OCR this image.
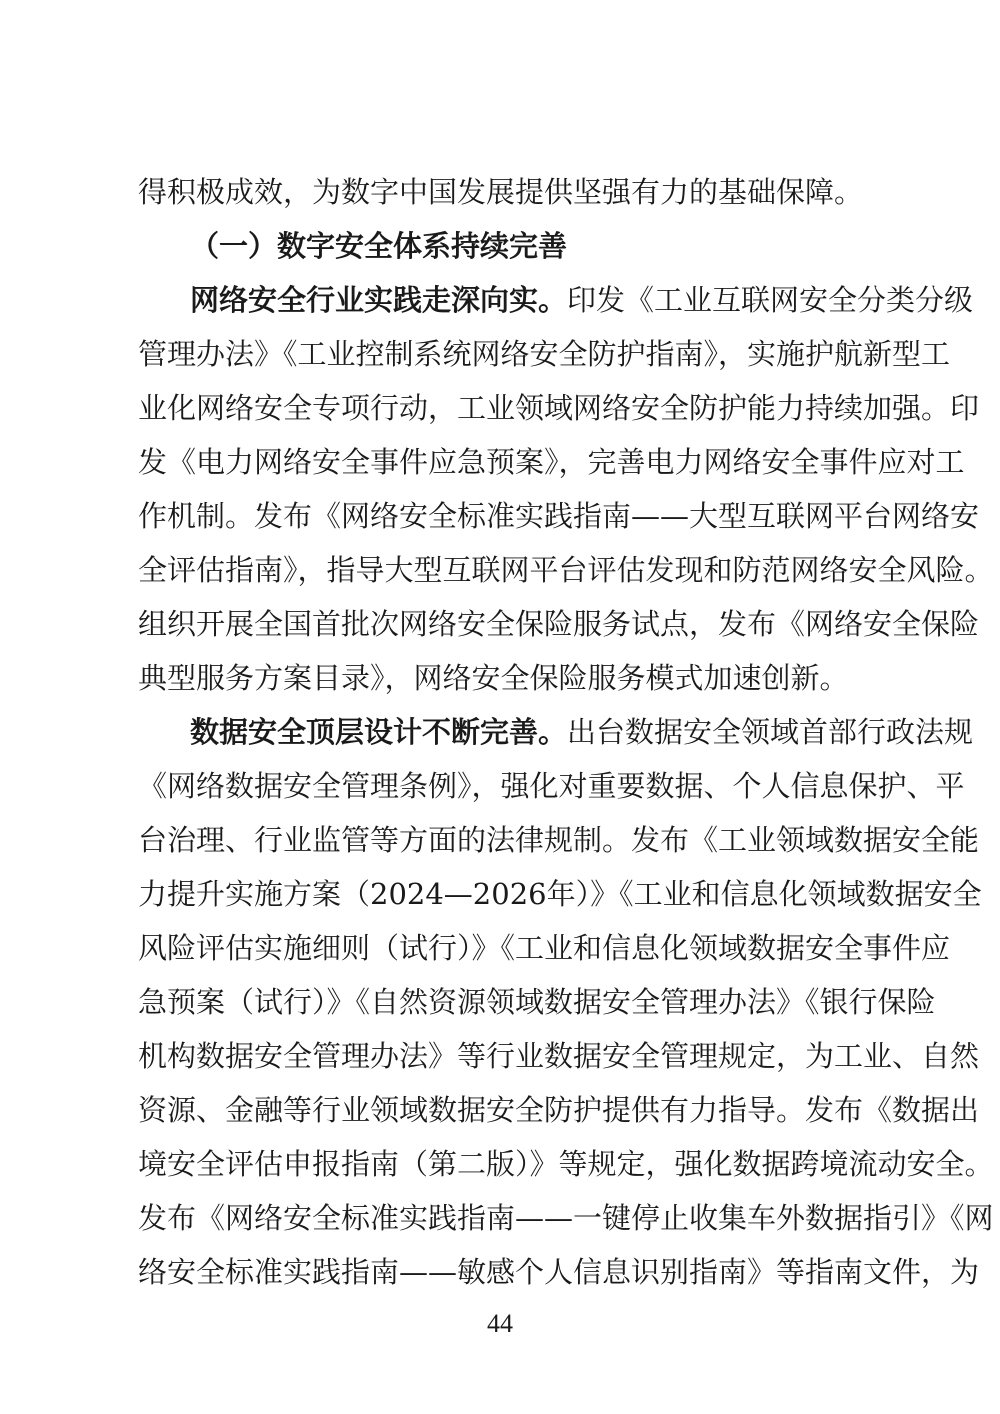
得积极成效，为数字中国发展提供坚强有力的基础保障。
（一）数字安全体系持续完善
网络安全行业实践走深向实。印发《工业互联网安全分类分级
管理办法》《工业控制系统网络安全防护指南》，实施护航新型工
业化网络安全专项行动，工业领域网络安全防护能力持续加强。印
发《电力网络安全事件应急预案》，完善电力网络安全事件应对工
作机制。发布《网络安全标准实践指南——大型互联网平台网络安
全评估指南》，指导大型互联网平台评估发现和防范网络安全风险。
组织开展全国首批次网络安全保险服务试点，发布《网络安全保险
典型服务方案目录》，网络安全保险服务模式加速创新。
数据安全顶层设计不断完善。出台数据安全领域首部行政法规
《网络数据安全管理条例》，强化对重要数据、个人信息保护、平
台治理、行业监管等方面的法律规制。发布《工业领域数据安全能
力提升实施方案（2024—2026年）》《工业和信息化领域数据安全
风险评估实施细则（试行）》《工业和信息化领域数据安全事件应
急预案（试行）》《自然资源领域数据安全管理办法》《银行保险
机构数据安全管理办法》等行业数据安全管理规定，为工业、自然
资源、金融等行业领域数据安全防护提供有力指导。发布《数据出
境安全评估申报指南（第二版）》等规定，强化数据跨境流动安全。
发布《网络安全标准实践指南——一键停止收集车外数据指引》《网
络安全标准实践指南——敏感个人信息识别指南》等指南文件，为
44
